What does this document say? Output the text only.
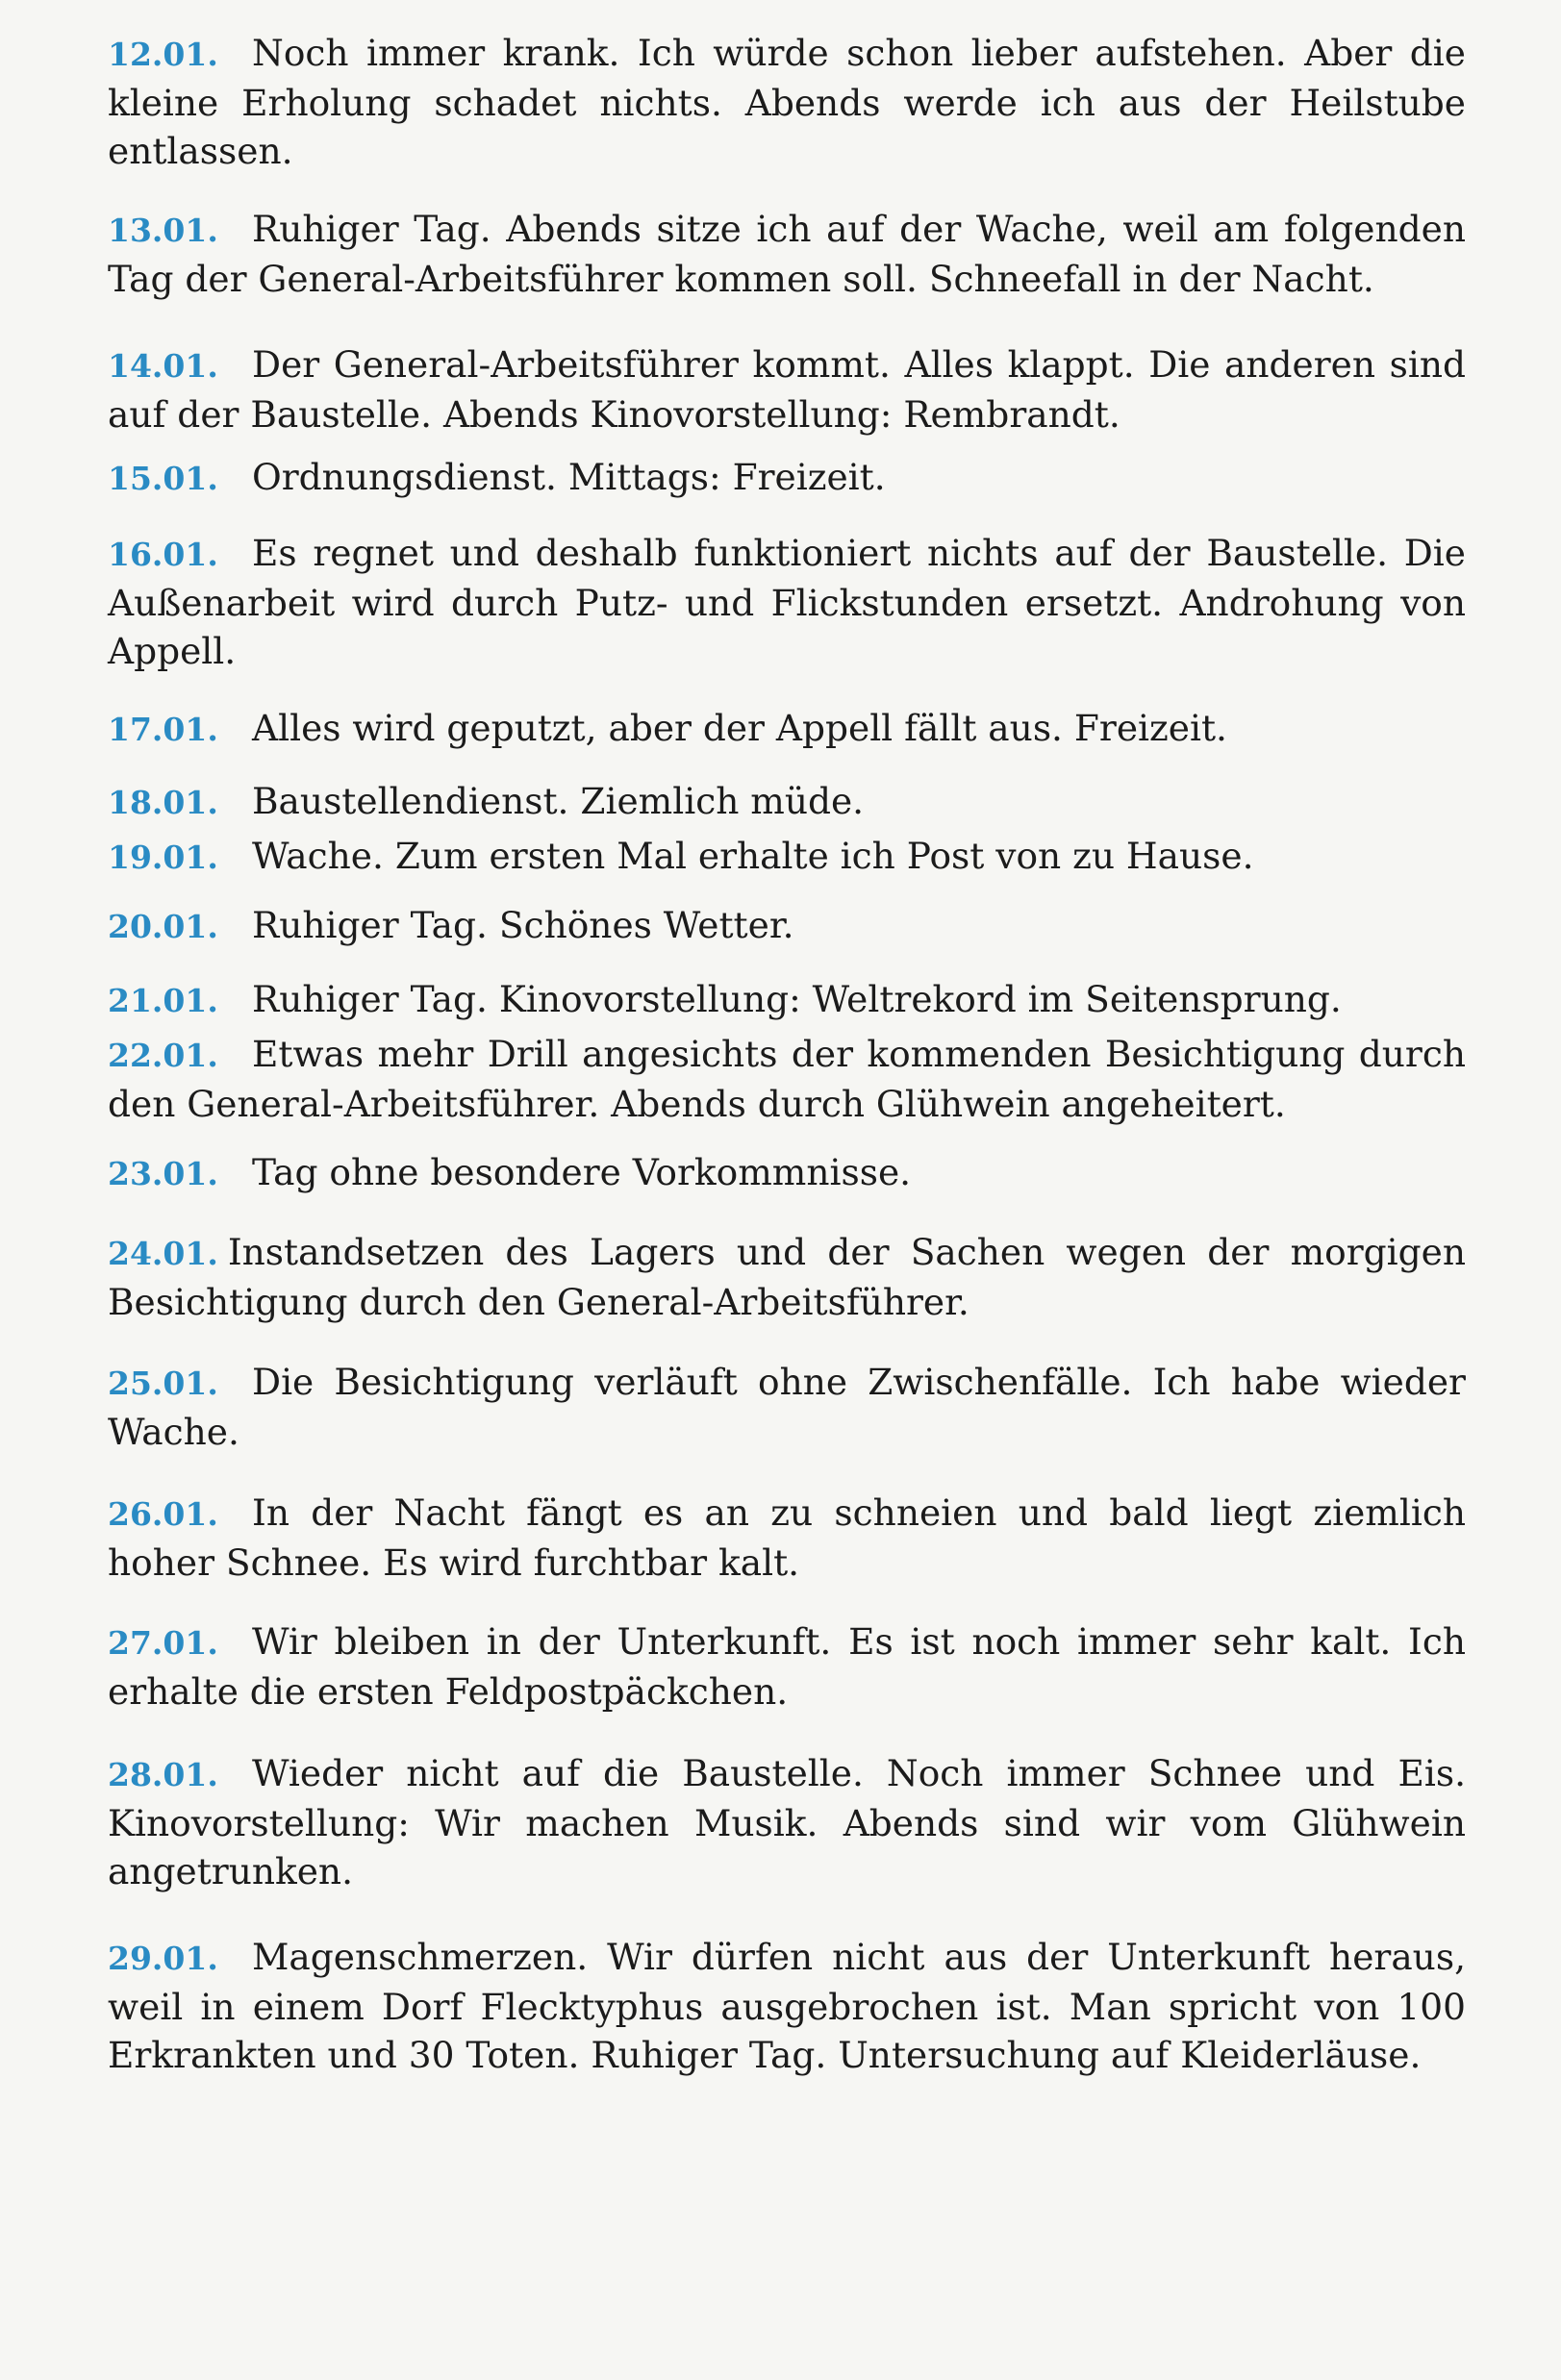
12.01. Noch immer krank. Ich würde schon lieber aufstehen. Aber die kleine Erholung schadet nichts. Abends werde ich aus der Heilstube entlassen.

13.01. Ruhiger Tag. Abends sitze ich auf der Wache, weil am folgenden Tag der General-Arbeitsführer kommen soll. Schneefall in der Nacht.

14.01. Der General-Arbeitsführer kommt. Alles klappt. Die anderen sind auf der Baustelle. Abends Kinovorstellung: Rembrandt.

15.01. Ordnungsdienst. Mittags: Freizeit.

16.01. Es regnet und deshalb funktioniert nichts auf der Baustelle. Die Außenarbeit wird durch Putz- und Flickstunden ersetzt. Androhung von Appell.

17.01. Alles wird geputzt, aber der Appell fällt aus. Freizeit.

18.01. Baustellendienst. Ziemlich müde.

19.01. Wache. Zum ersten Mal erhalte ich Post von zu Hause.

20.01. Ruhiger Tag. Schönes Wetter.

21.01. Ruhiger Tag. Kinovorstellung: Weltrekord im Seitensprung.

22.01. Etwas mehr Drill angesichts der kommenden Besichtigung durch den General-Arbeitsführer. Abends durch Glühwein angeheitert.

23.01. Tag ohne besondere Vorkommnisse.

24.01. Instandsetzen des Lagers und der Sachen wegen der morgigen Besichtigung durch den General-Arbeitsführer.

25.01. Die Besichtigung verläuft ohne Zwischenfälle. Ich habe wieder Wache.

26.01. In der Nacht fängt es an zu schneien und bald liegt ziemlich hoher Schnee. Es wird furchtbar kalt.

27.01. Wir bleiben in der Unterkunft. Es ist noch immer sehr kalt. Ich erhalte die ersten Feldpostpäckchen.

28.01. Wieder nicht auf die Baustelle. Noch immer Schnee und Eis. Kinovorstellung: Wir machen Musik. Abends sind wir vom Glühwein angetrunken.

29.01. Magenschmerzen. Wir dürfen nicht aus der Unterkunft heraus, weil in einem Dorf Flecktyphus ausgebrochen ist. Man spricht von 100 Erkrankten und 30 Toten. Ruhiger Tag. Untersuchung auf Kleiderläuse.
